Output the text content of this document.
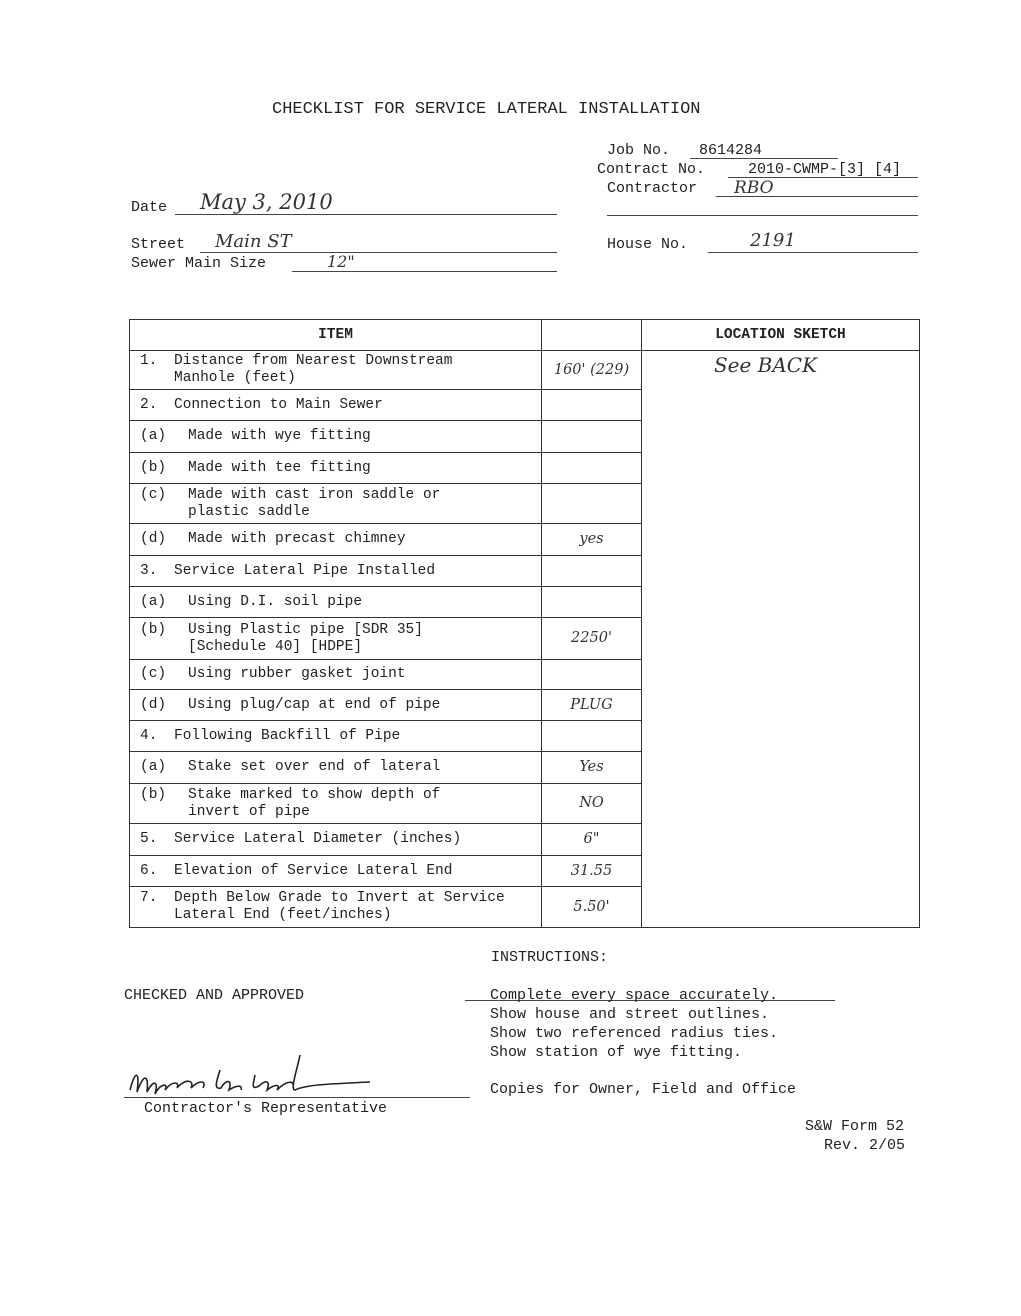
CHECKLIST FOR SERVICE LATERAL INSTALLATION
Job No. 8614284
Contract No.	2010-CWMP-[3] [4]
Contractor RBO
Date May 3, 2010
Street Main ST	House No.	2191
Sewer Main Size	12"
ITEM		LOCATION SKETCH
1. Distance from Nearest Downstream
Manhole (feet)	160' (229)	See BACK

2. Connection to Main Sewer		
(a) Made with wye fitting		
(b) Made with tee fitting		
(c) Made with cast iron saddle or
plastic saddle		
(d) Made with precast chimney	yes	
3. Service Lateral Pipe Installed		
(a) Using D.I. soil pipe		
(b) Using Plastic pipe [SDR 35]
[Schedule 40] [HDPE]	2250'	
(c) Using rubber gasket joint		
(d) Using plug/cap at end of pipe	PLUG	
4. Following Backfill of Pipe		
(a) Stake set over end of lateral	Yes	
(b) Stake marked to show depth of
invert of pipe	NO	
5. Service Lateral Diameter (inches)	6"	
6. Elevation of Service Lateral End	31.55	
7. Depth Below Grade to Invert at Service
Lateral End (feet/inches)	5.50'	
INSTRUCTIONS:
CHECKED AND APPROVED	Complete every space accurately.
Show house and street outlines.
Show two referenced radius ties.
Show station of wye fitting.
Copies for Owner, Field and Office
Contractor's Representative
S&W Form 52
Rev. 2/05
